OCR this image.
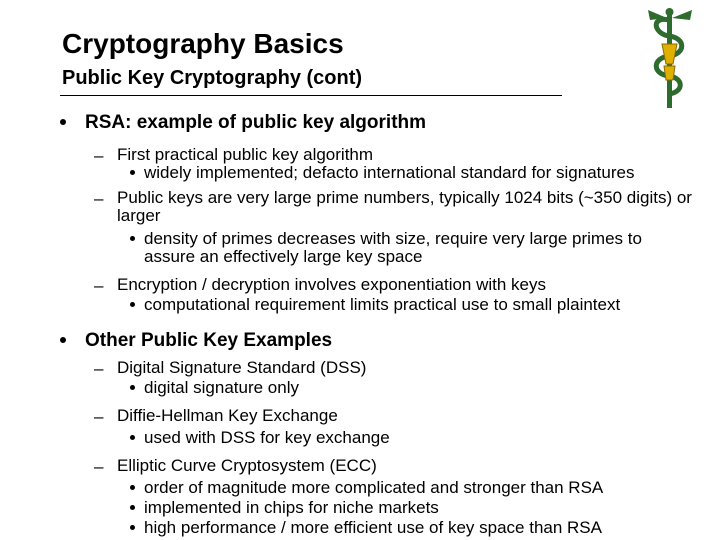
Cryptography Basics
Public Key Cryptography (cont)
RSA: example of public key algorithm
– First practical public key algorithm
widely implemented; defacto international standard for signatures
– Public keys are very large prime numbers, typically 1024 bits (~350 digits) or larger
density of primes decreases with size, require very large primes to assure an effectively large key space
– Encryption / decryption involves exponentiation with keys
computational requirement limits practical use to small plaintext
Other Public Key Examples
– Digital Signature Standard (DSS)
digital signature only
– Diffie-Hellman Key Exchange
used with DSS for key exchange
– Elliptic Curve Cryptosystem (ECC)
order of magnitude more complicated and stronger than RSA
implemented in chips for niche markets
high performance / more efficient use of key space than RSA
